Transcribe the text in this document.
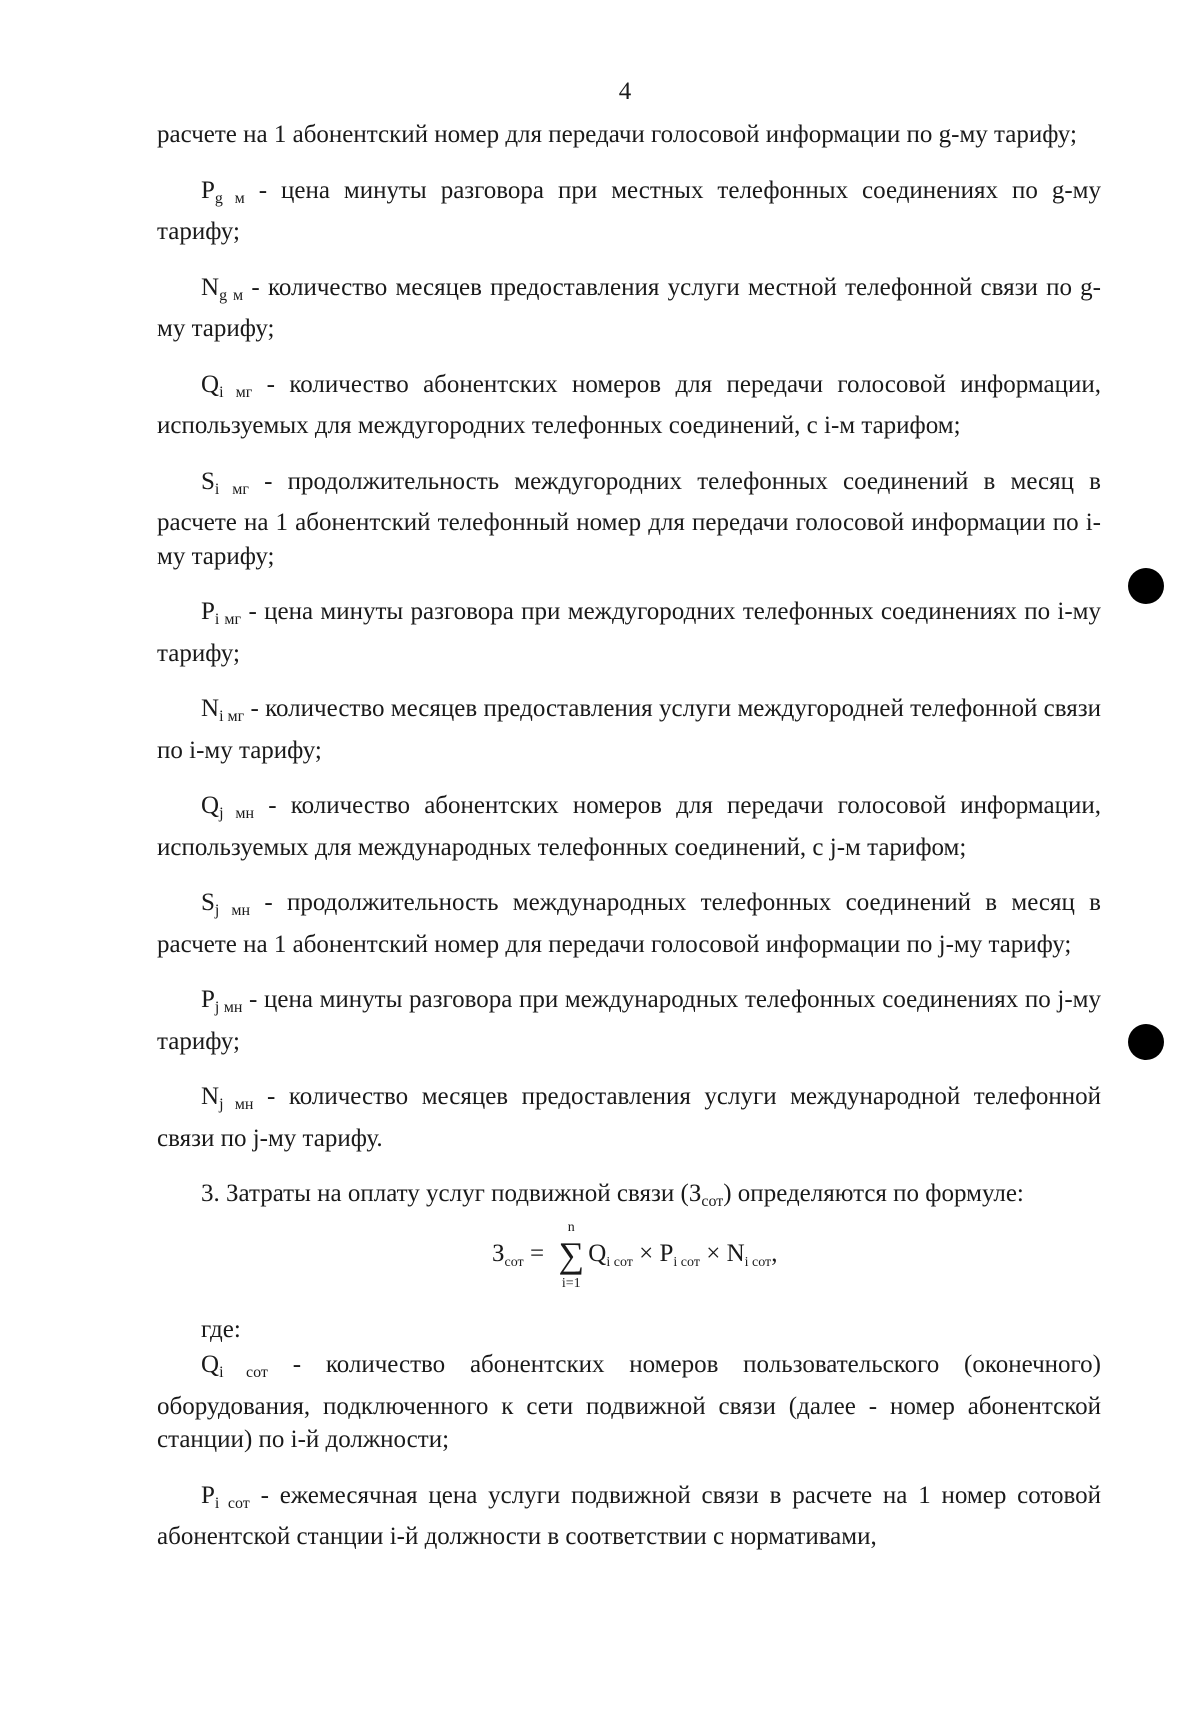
4

расчете на 1 абонентский номер для передачи голосовой информации по g-му тарифу;

$P_{g м}$ - цена минуты разговора при местных телефонных соединениях по g-му тарифу;

$N_{g м}$ - количество месяцев предоставления услуги местной телефонной связи по g-му тарифу;

$Q_{i мг}$ - количество абонентских номеров для передачи голосовой информации, используемых для междугородних телефонных соединений, с i-м тарифом;

$S_{i мг}$ - продолжительность междугородних телефонных соединений в месяц в расчете на 1 абонентский телефонный номер для передачи голосовой информации по i-му тарифу;

$P_{i мг}$ - цена минуты разговора при междугородних телефонных соединениях по i-му тарифу;

$N_{i мг}$ - количество месяцев предоставления услуги междугородней телефонной связи по i-му тарифу;

$Q_{j мн}$ - количество абонентских номеров для передачи голосовой информации, используемых для международных телефонных соединений, с j-м тарифом;

$S_{j мн}$ - продолжительность международных телефонных соединений в месяц в расчете на 1 абонентский номер для передачи голосовой информации по j-му тарифу;

$P_{j мн}$ - цена минуты разговора при международных телефонных соединениях по j-му тарифу;

$N_{j мн}$ - количество месяцев предоставления услуги международной телефонной связи по j-му тарифу.

3. Затраты на оплату услуг подвижной связи $(З_{сот})$ определяются по формуле:

$З_{сот}$ =
n
∑
i=1
$Q_{i сот} \times P_{i сот} \times N_{i сот}$,

где:

$Q_{i сот}$ - количество абонентских номеров пользовательского (оконечного) оборудования, подключенного к сети подвижной связи (далее - номер абонентской станции) по i-й должности;

$P_{i сот}$ - ежемесячная цена услуги подвижной связи в расчете на 1 номер сотовой абонентской станции i-й должности в соответствии с нормативами,
